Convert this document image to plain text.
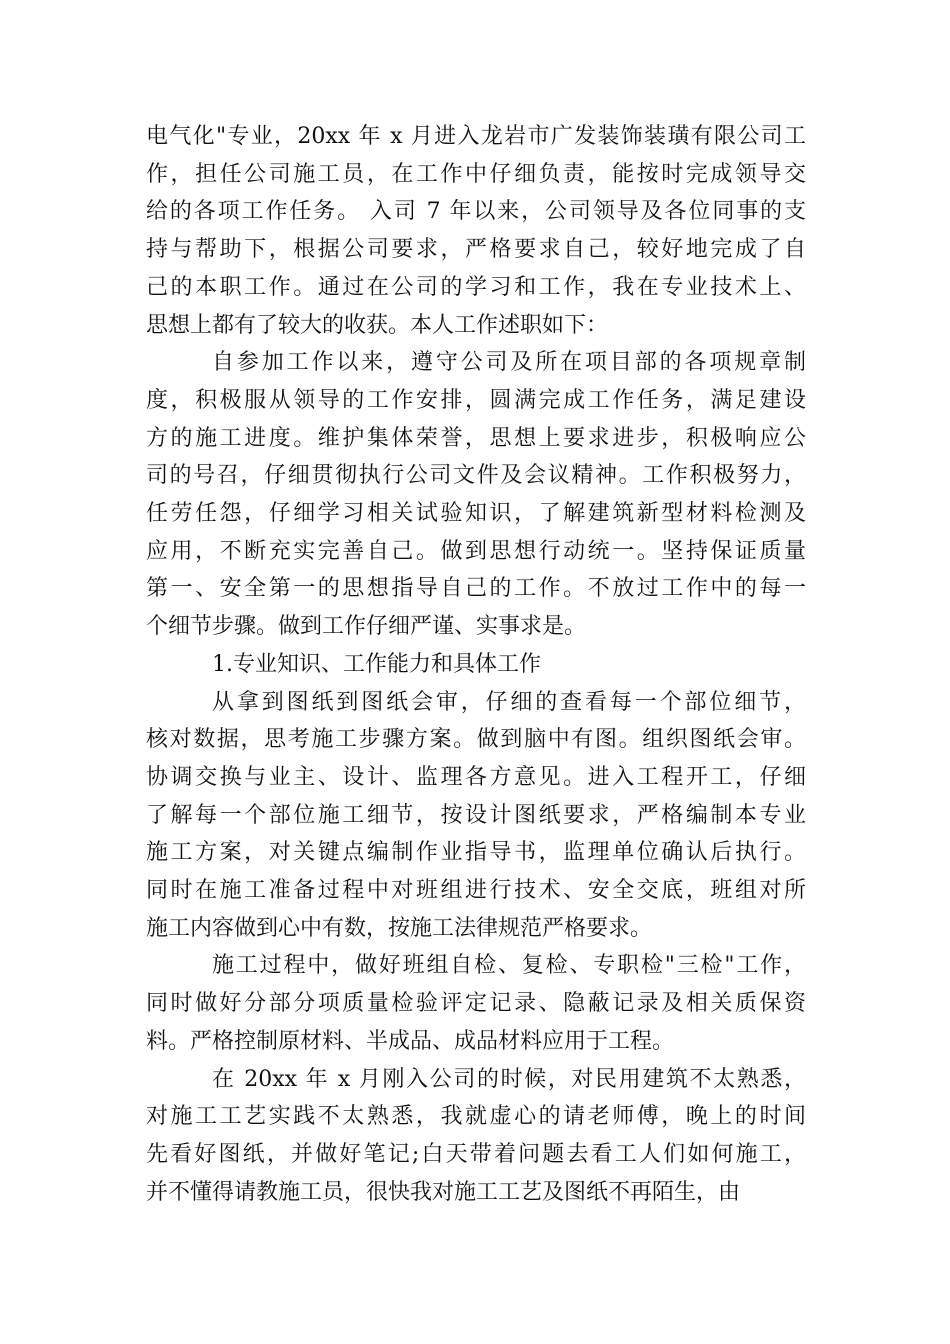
电气化"专业，20xx 年 x 月进入龙岩市广发装饰装璜有限公司工
作，担任公司施工员，在工作中仔细负责，能按时完成领导交
给的各项工作任务。 入司 7 年以来，公司领导及各位同事的支
持与帮助下，根据公司要求，严格要求自己，较好地完成了自
己的本职工作。通过在公司的学习和工作，我在专业技术上、
思想上都有了较大的收获。本人工作述职如下：

自参加工作以来，遵守公司及所在项目部的各项规章制
度，积极服从领导的工作安排，圆满完成工作任务，满足建设
方的施工进度。维护集体荣誉，思想上要求进步，积极响应公
司的号召，仔细贯彻执行公司文件及会议精神。工作积极努力，
任劳任怨，仔细学习相关试验知识，了解建筑新型材料检测及
应用，不断充实完善自己。做到思想行动统一。坚持保证质量
第一、安全第一的思想指导自己的工作。不放过工作中的每一
个细节步骤。做到工作仔细严谨、实事求是。

1.专业知识、工作能力和具体工作

从拿到图纸到图纸会审，仔细的查看每一个部位细节，
核对数据，思考施工步骤方案。做到脑中有图。组织图纸会审。
协调交换与业主、设计、监理各方意见。进入工程开工，仔细
了解每一个部位施工细节，按设计图纸要求，严格编制本专业
施工方案，对关键点编制作业指导书，监理单位确认后执行。
同时在施工准备过程中对班组进行技术、安全交底，班组对所
施工内容做到心中有数，按施工法律规范严格要求。

施工过程中，做好班组自检、复检、专职检"三检"工作，
同时做好分部分项质量检验评定记录、隐蔽记录及相关质保资
料。严格控制原材料、半成品、成品材料应用于工程。

在 20xx 年 x 月刚入公司的时候，对民用建筑不太熟悉，
对施工工艺实践不太熟悉，我就虚心的请老师傅，晚上的时间
先看好图纸，并做好笔记;白天带着问题去看工人们如何施工，
并不懂得请教施工员，很快我对施工工艺及图纸不再陌生，由
